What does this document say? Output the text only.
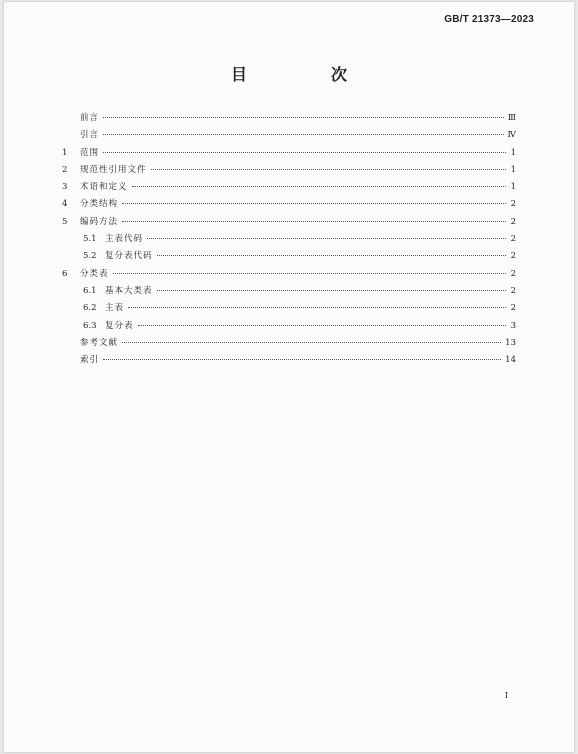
GB/T 21373—2023
目　次
前言	Ⅲ
引言	Ⅳ
1	范围	1
2	规范性引用文件	1
3	术语和定义	1
4	分类结构	2
5	编码方法	2
5.1 主表代码	2
5.2 复分表代码	2
6	分类表	2
6.1 基本大类表	2
6.2 主表	2
6.3 复分表	3
参考文献	13
索引	14
I
